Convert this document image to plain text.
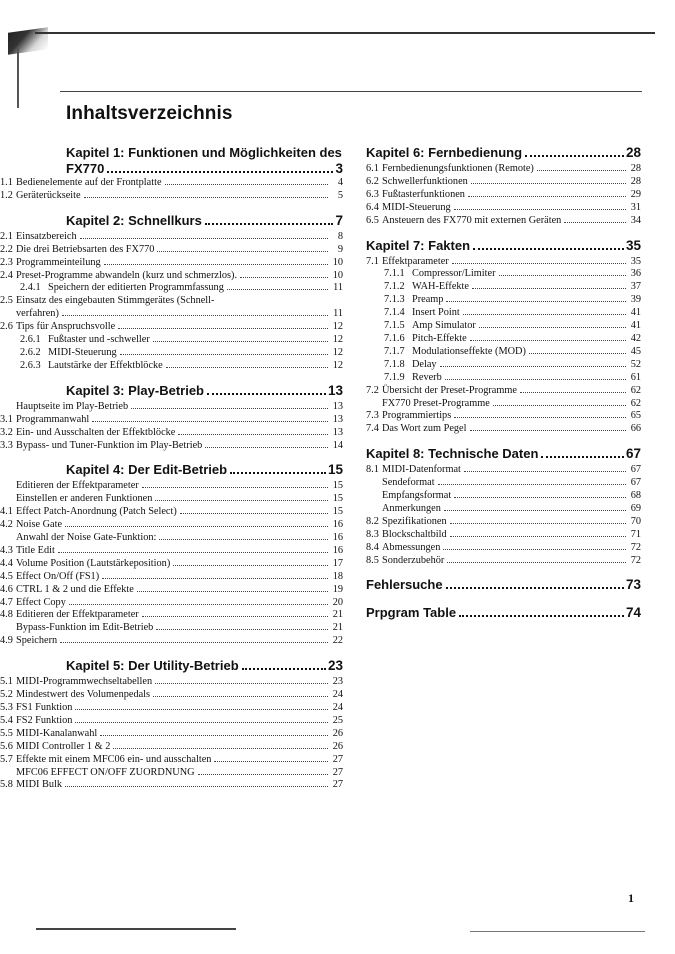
Inhaltsverzeichnis
Kapitel 1: Funktionen und Möglichkeiten des
FX770	3
1.1 Bedienelemente auf der Frontplatte	4
1.2 Geräterückseite	5
Kapitel 2: Schnellkurs	7
2.1 Einsatzbereich	8
2.2 Die drei Betriebsarten des FX770	9
2.3 Programmeinteilung	10
2.4 Preset-Programme abwandeln (kurz und schmerzlos).	10
2.4.1 Speichern der editierten Programmfassung	11
2.5 Einsatz des eingebauten Stimmgerätes (Schnell-
verfahren)	11
2.6 Tips für Anspruchsvolle	12
2.6.1 Fußtaster und -schweller	12
2.6.2 MIDI-Steuerung	12
2.6.3 Lautstärke der Effektblöcke	12
Kapitel 3: Play-Betrieb	13
Hauptseite im Play-Betrieb	13
3.1 Programmanwahl	13
3.2 Ein- und Ausschalten der Effektblöcke	13
3.3 Bypass- und Tuner-Funktion im Play-Betrieb	14
Kapitel 4: Der Edit-Betrieb	15
Editieren der Effektparameter	15
Einstellen er anderen Funktionen	15
4.1 Effect Patch-Anordnung (Patch Select)	15
4.2 Noise Gate	16
Anwahl der Noise Gate-Funktion:	16
4.3 Title Edit	16
4.4 Volume Position (Lautstärkeposition)	17
4.5 Effect On/Off (FS1)	18
4.6 CTRL 1 & 2 und die Effekte	19
4.7 Effect Copy	20
4.8 Editieren der Effektparameter	21
Bypass-Funktion im Edit-Betrieb	21
4.9 Speichern	22
Kapitel 5: Der Utility-Betrieb	23
5.1 MIDI-Programmwechseltabellen	23
5.2 Mindestwert des Volumenpedals	24
5.3 FS1 Funktion	24
5.4 FS2 Funktion	25
5.5 MIDI-Kanalanwahl	26
5.6 MIDI Controller 1 & 2	26
5.7 Effekte mit einem MFC06 ein- und ausschalten	27
MFC06 EFFECT ON/OFF ZUORDNUNG	27
5.8 MIDI Bulk	27
Kapitel 6: Fernbedienung	28
6.1 Fernbedienungsfunktionen (Remote)	28
6.2 Schwellerfunktionen	28
6.3 Fußtasterfunktionen	29
6.4 MIDI-Steuerung	31
6.5 Ansteuern des FX770 mit externen Geräten	34
Kapitel 7: Fakten	35
7.1 Effektparameter	35
7.1.1 Compressor/Limiter	36
7.1.2 WAH-Effekte	37
7.1.3 Preamp	39
7.1.4 Insert Point	41
7.1.5 Amp Simulator	41
7.1.6 Pitch-Effekte	42
7.1.7 Modulationseffekte (MOD)	45
7.1.8 Delay	52
7.1.9 Reverb	61
7.2 Übersicht der Preset-Programme	62
FX770 Preset-Programme	62
7.3 Programmiertips	65
7.4 Das Wort zum Pegel	66
Kapitel 8: Technische Daten	67
8.1 MIDI-Datenformat	67
Sendeformat	67
Empfangsformat	68
Anmerkungen	69
8.2 Spezifikationen	70
8.3 Blockschaltbild	71
8.4 Abmessungen	72
8.5 Sonderzubehör	72
Fehlersuche	73
Prpgram Table	74
1
